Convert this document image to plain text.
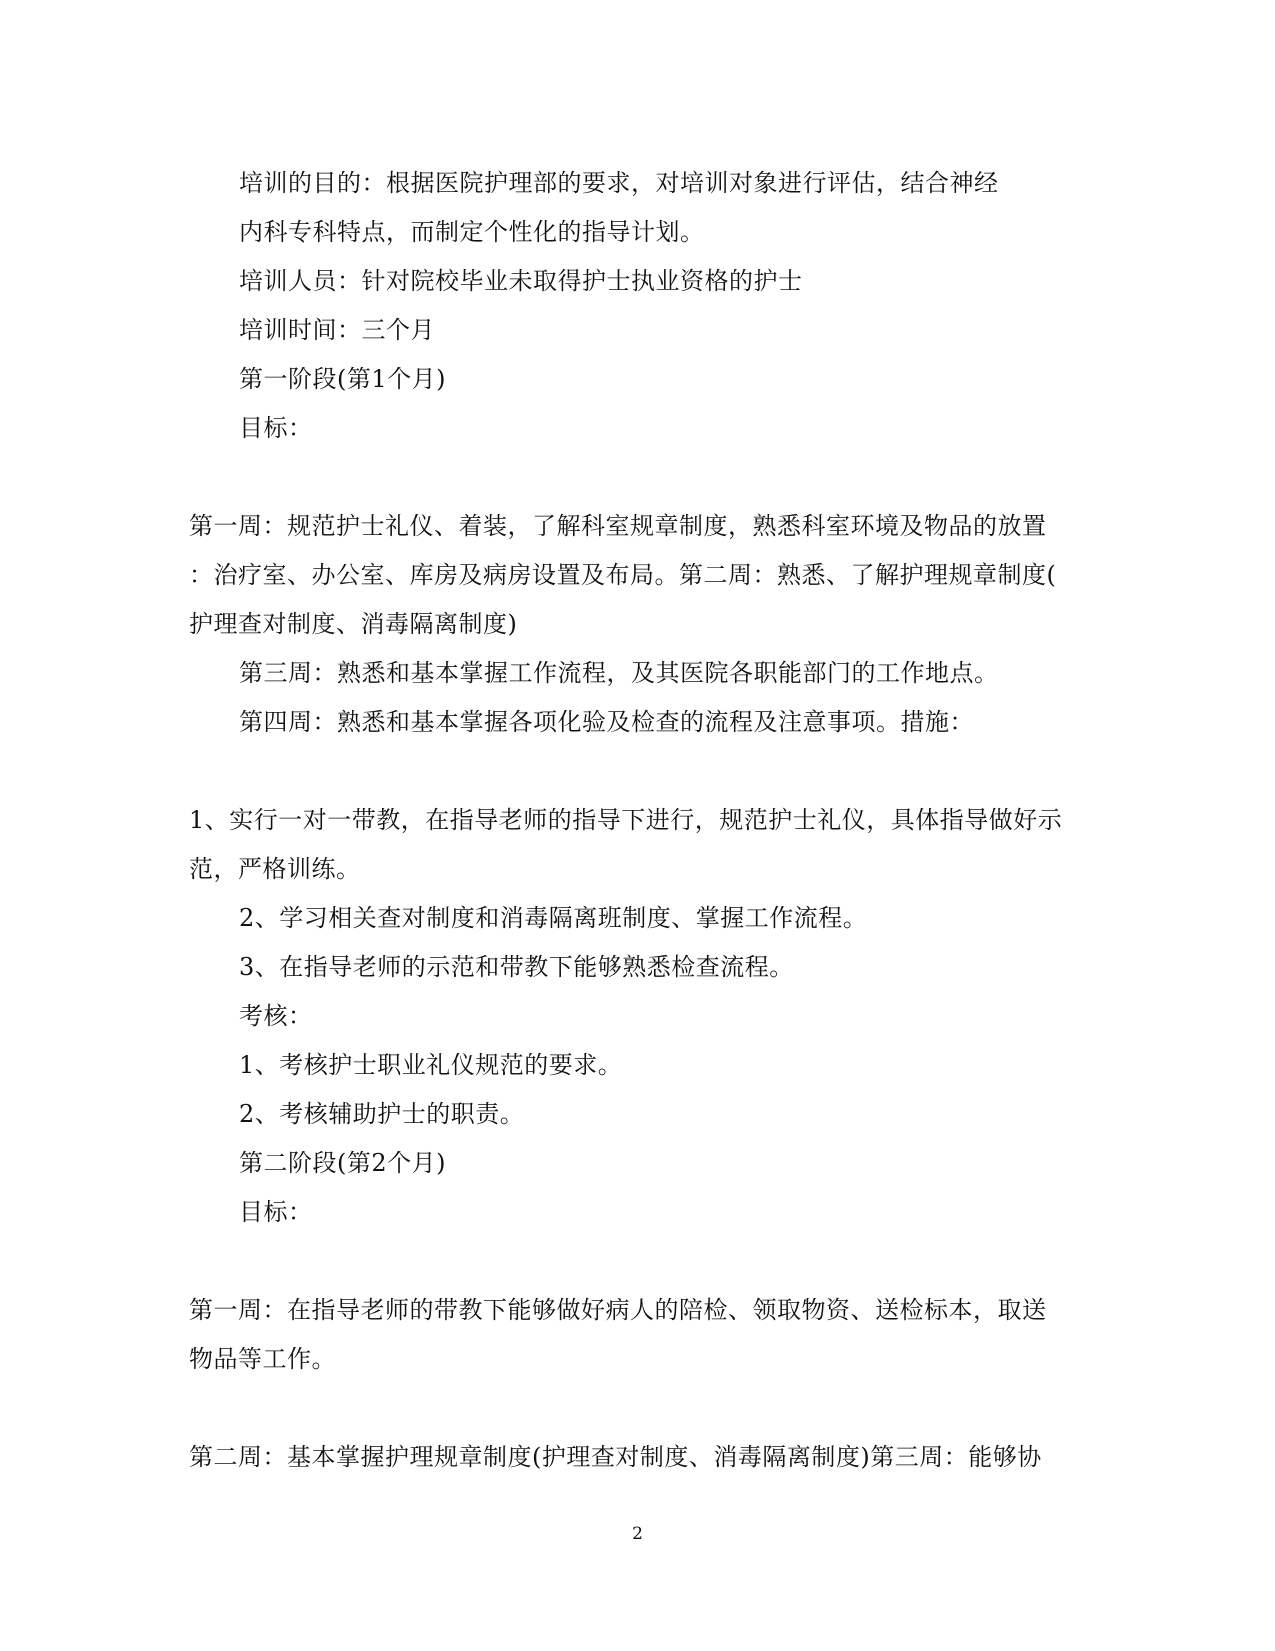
培训的目的：根据医院护理部的要求，对培训对象进行评估，结合神经
内科专科特点，而制定个性化的指导计划。
培训人员：针对院校毕业未取得护士执业资格的护士
培训时间：三个月
第一阶段(第1个月)
目标：
第一周：规范护士礼仪、着装，了解科室规章制度，熟悉科室环境及物品的放置
：治疗室、办公室、库房及病房设置及布局。第二周：熟悉、了解护理规章制度(
护理查对制度、消毒隔离制度)
第三周：熟悉和基本掌握工作流程，及其医院各职能部门的工作地点。
第四周：熟悉和基本掌握各项化验及检查的流程及注意事项。措施：
1、实行一对一带教，在指导老师的指导下进行，规范护士礼仪，具体指导做好示
范，严格训练。
2、学习相关查对制度和消毒隔离班制度、掌握工作流程。
3、在指导老师的示范和带教下能够熟悉检查流程。
考核：
1、考核护士职业礼仪规范的要求。
2、考核辅助护士的职责。
第二阶段(第2个月)
目标：
第一周：在指导老师的带教下能够做好病人的陪检、领取物资、送检标本，取送
物品等工作。
第二周：基本掌握护理规章制度(护理查对制度、消毒隔离制度)第三周：能够协
2
